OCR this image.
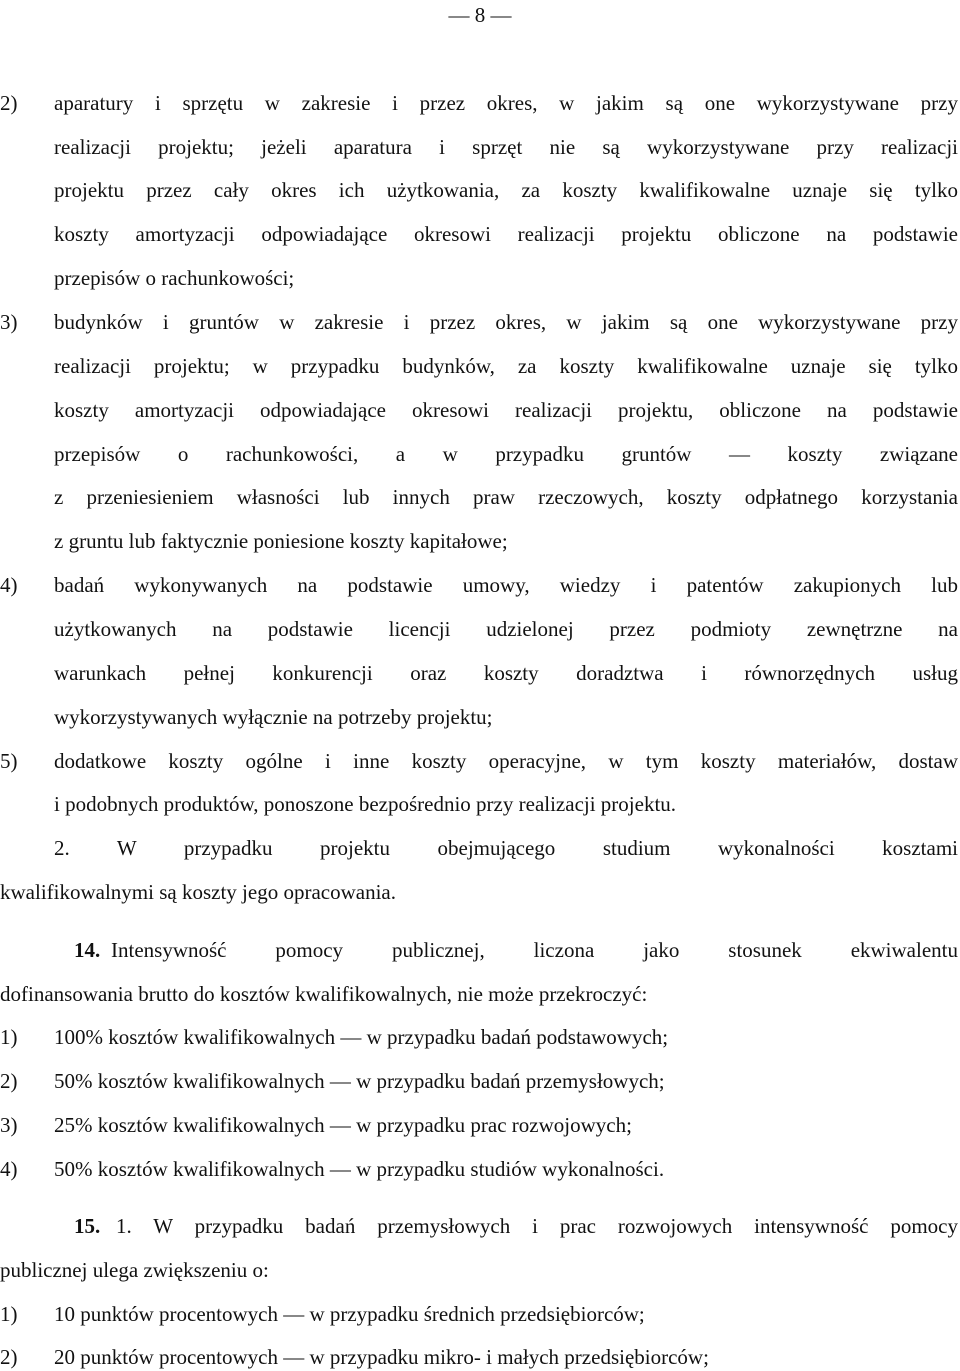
— 8 —
2)	aparatury i sprzętu w zakresie i przez okres, w jakim są one wykorzystywane przy
realizacji projektu; jeżeli aparatura i sprzęt nie są wykorzystywane przy realizacji
projektu przez cały okres ich użytkowania, za koszty kwalifikowalne uznaje się tylko
koszty amortyzacji odpowiadające okresowi realizacji projektu obliczone na podstawie
przepisów o rachunkowości;
3)	budynków i gruntów w zakresie i przez okres, w jakim są one wykorzystywane przy
realizacji projektu; w przypadku budynków, za koszty kwalifikowalne uznaje się tylko
koszty amortyzacji odpowiadające okresowi realizacji projektu, obliczone na podstawie
przepisów o rachunkowości, a w przypadku gruntów — koszty związane
z przeniesieniem własności lub innych praw rzeczowych, koszty odpłatnego korzystania
z gruntu lub faktycznie poniesione koszty kapitałowe;
4)	badań wykonywanych na podstawie umowy, wiedzy i patentów zakupionych lub
użytkowanych na podstawie licencji udzielonej przez podmioty zewnętrzne na
warunkach pełnej konkurencji oraz koszty doradztwa i równorzędnych usług
wykorzystywanych wyłącznie na potrzeby projektu;
5)	dodatkowe koszty ogólne i inne koszty operacyjne, w tym koszty materiałów, dostaw
i podobnych produktów, ponoszone bezpośrednio przy realizacji projektu.
2. W przypadku projektu obejmującego studium wykonalności kosztami
kwalifikowalnymi są koszty jego opracowania.
14. Intensywność pomocy publicznej, liczona jako stosunek ekwiwalentu
dofinansowania brutto do kosztów kwalifikowalnych, nie może przekroczyć:
1)	100% kosztów kwalifikowalnych — w przypadku badań podstawowych;
2)	50% kosztów kwalifikowalnych — w przypadku badań przemysłowych;
3)	25% kosztów kwalifikowalnych — w przypadku prac rozwojowych;
4)	50% kosztów kwalifikowalnych — w przypadku studiów wykonalności.
15. 1. W przypadku badań przemysłowych i prac rozwojowych intensywność pomocy
publicznej ulega zwiększeniu o:
1)	10 punktów procentowych — w przypadku średnich przedsiębiorców;
2)	20 punktów procentowych — w przypadku mikro- i małych przedsiębiorców;
